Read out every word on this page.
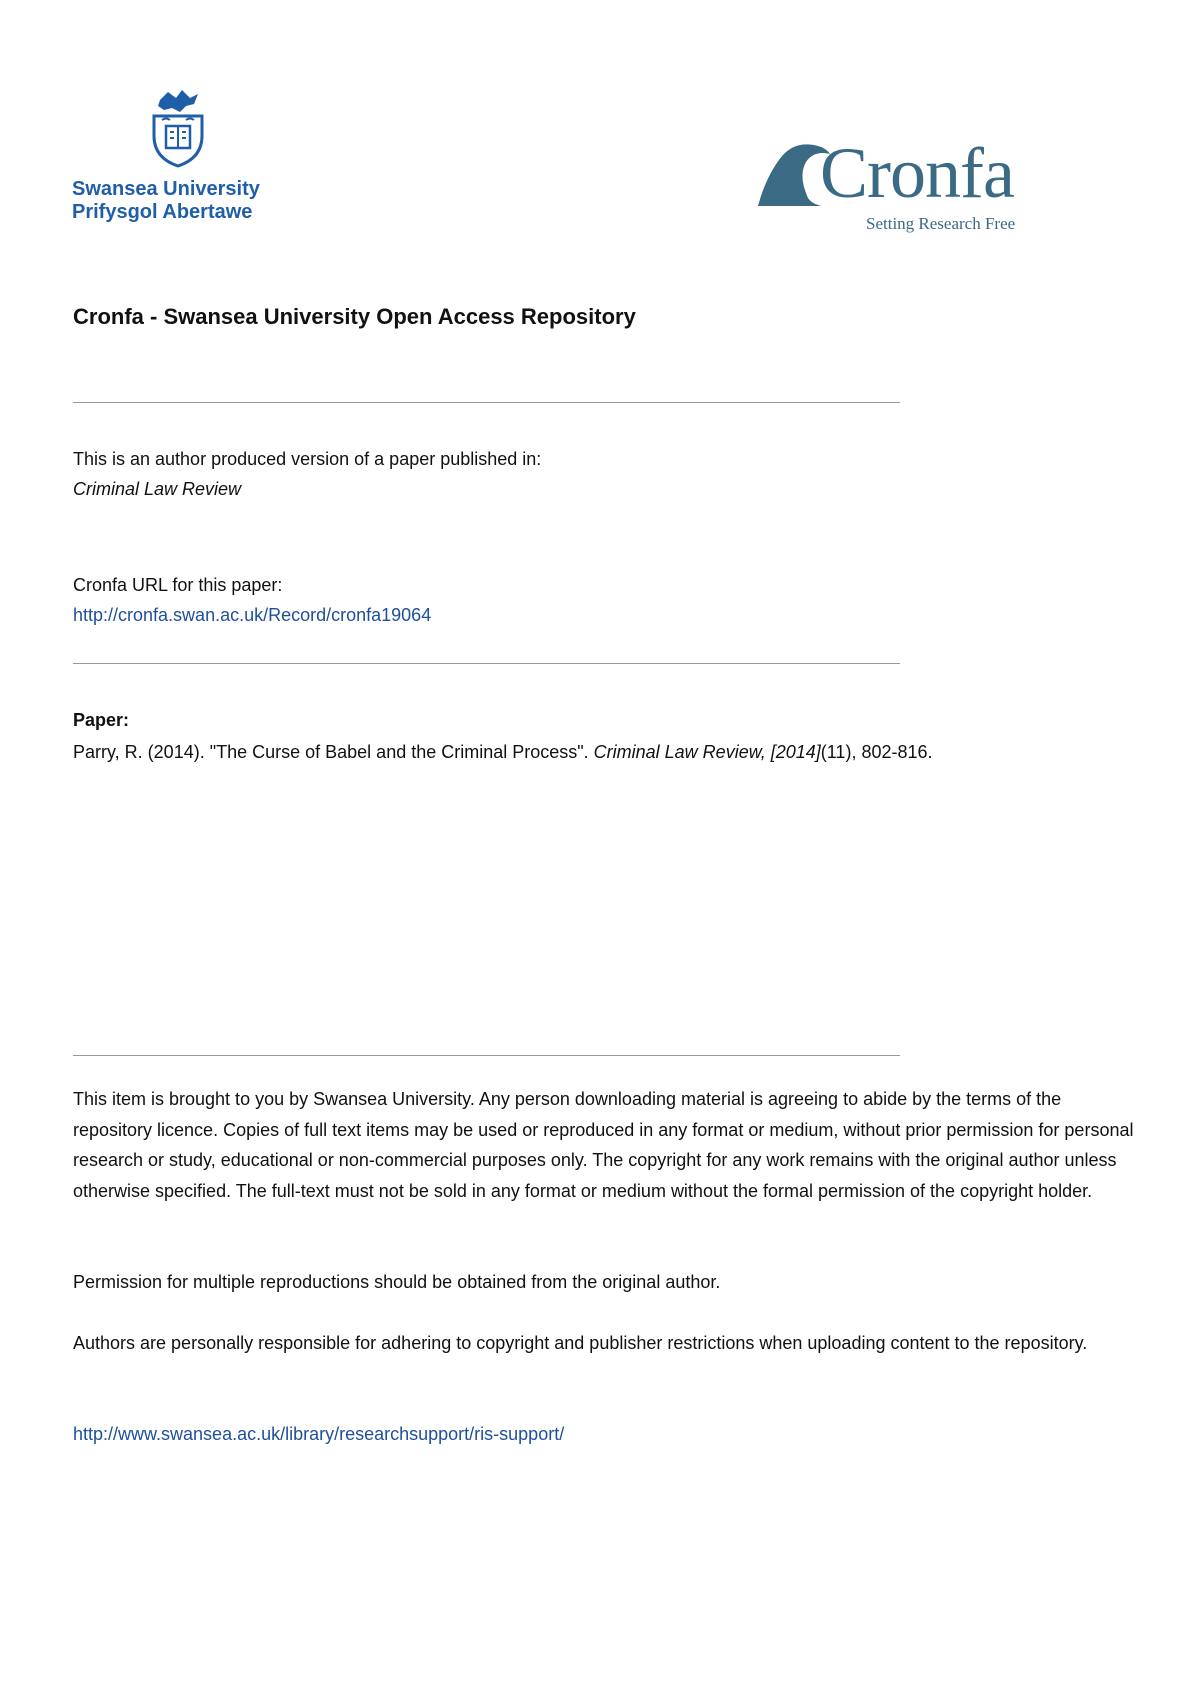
Swansea University
Prifysgol Abertawe	Cronfa
Setting Research Free
Cronfa - Swansea University Open Access Repository
This is an author produced version of a paper published in:
Criminal Law Review
Cronfa URL for this paper:
http://cronfa.swan.ac.uk/Record/cronfa19064
Paper:
Parry, R. (2014). "The Curse of Babel and the Criminal Process". Criminal Law Review, [2014](11), 802-816.

This item is brought to you by Swansea University. Any person downloading material is agreeing to abide by the terms of the repository licence. Copies of full text items may be used or reproduced in any format or medium, without prior permission for personal research or study, educational or non-commercial purposes only. The copyright for any work remains with the original author unless otherwise specified. The full-text must not be sold in any format or medium without the formal permission of the copyright holder.

Permission for multiple reproductions should be obtained from the original author.

Authors are personally responsible for adhering to copyright and publisher restrictions when uploading content to the repository.

http://www.swansea.ac.uk/library/researchsupport/ris-support/
